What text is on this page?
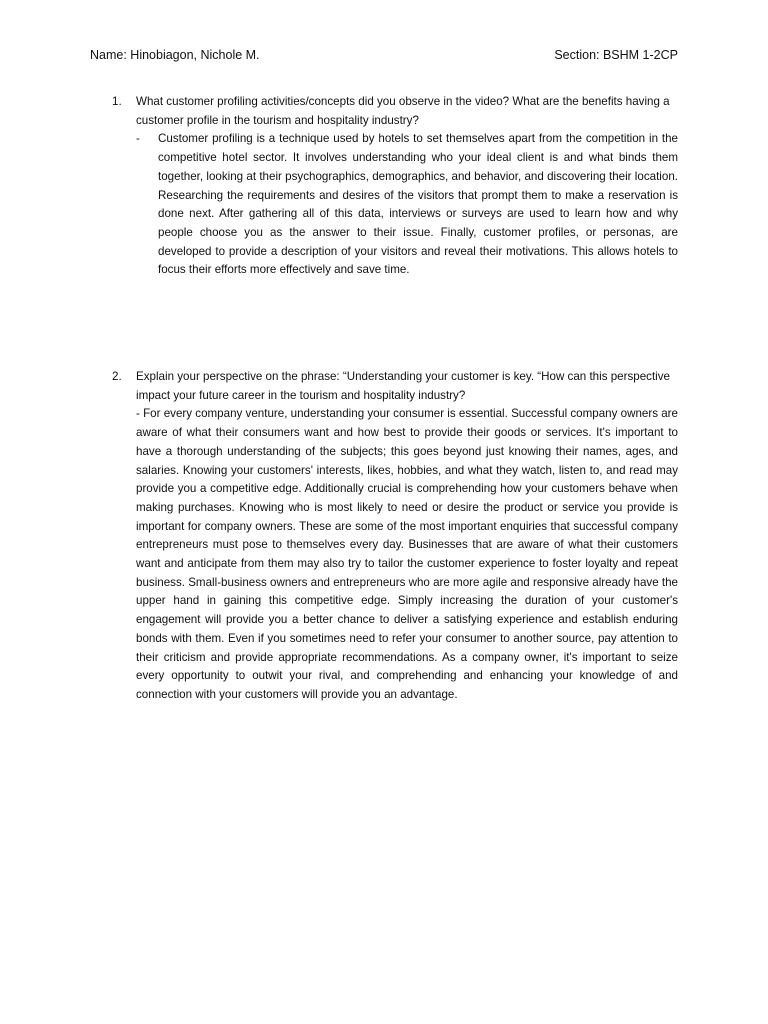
Name: Hinobiagon, Nichole M.	Section: BSHM 1-2CP
1.	What customer profiling activities/concepts did you observe in the video? What are the benefits having a customer profile in the tourism and hospitality industry?
- Customer profiling is a technique used by hotels to set themselves apart from the competition in the competitive hotel sector. It involves understanding who your ideal client is and what binds them together, looking at their psychographics, demographics, and behavior, and discovering their location. Researching the requirements and desires of the visitors that prompt them to make a reservation is done next. After gathering all of this data, interviews or surveys are used to learn how and why people choose you as the answer to their issue. Finally, customer profiles, or personas, are developed to provide a description of your visitors and reveal their motivations. This allows hotels to focus their efforts more effectively and save time.
2.	Explain your perspective on the phrase: “Understanding your customer is key. “How can this perspective impact your future career in the tourism and hospitality industry?
- For every company venture, understanding your consumer is essential. Successful company owners are aware of what their consumers want and how best to provide their goods or services. It's important to have a thorough understanding of the subjects; this goes beyond just knowing their names, ages, and salaries. Knowing your customers' interests, likes, hobbies, and what they watch, listen to, and read may provide you a competitive edge. Additionally crucial is comprehending how your customers behave when making purchases. Knowing who is most likely to need or desire the product or service you provide is important for company owners. These are some of the most important enquiries that successful company entrepreneurs must pose to themselves every day. Businesses that are aware of what their customers want and anticipate from them may also try to tailor the customer experience to foster loyalty and repeat business. Small-business owners and entrepreneurs who are more agile and responsive already have the upper hand in gaining this competitive edge. Simply increasing the duration of your customer's engagement will provide you a better chance to deliver a satisfying experience and establish enduring bonds with them. Even if you sometimes need to refer your consumer to another source, pay attention to their criticism and provide appropriate recommendations. As a company owner, it's important to seize every opportunity to outwit your rival, and comprehending and enhancing your knowledge of and connection with your customers will provide you an advantage.
